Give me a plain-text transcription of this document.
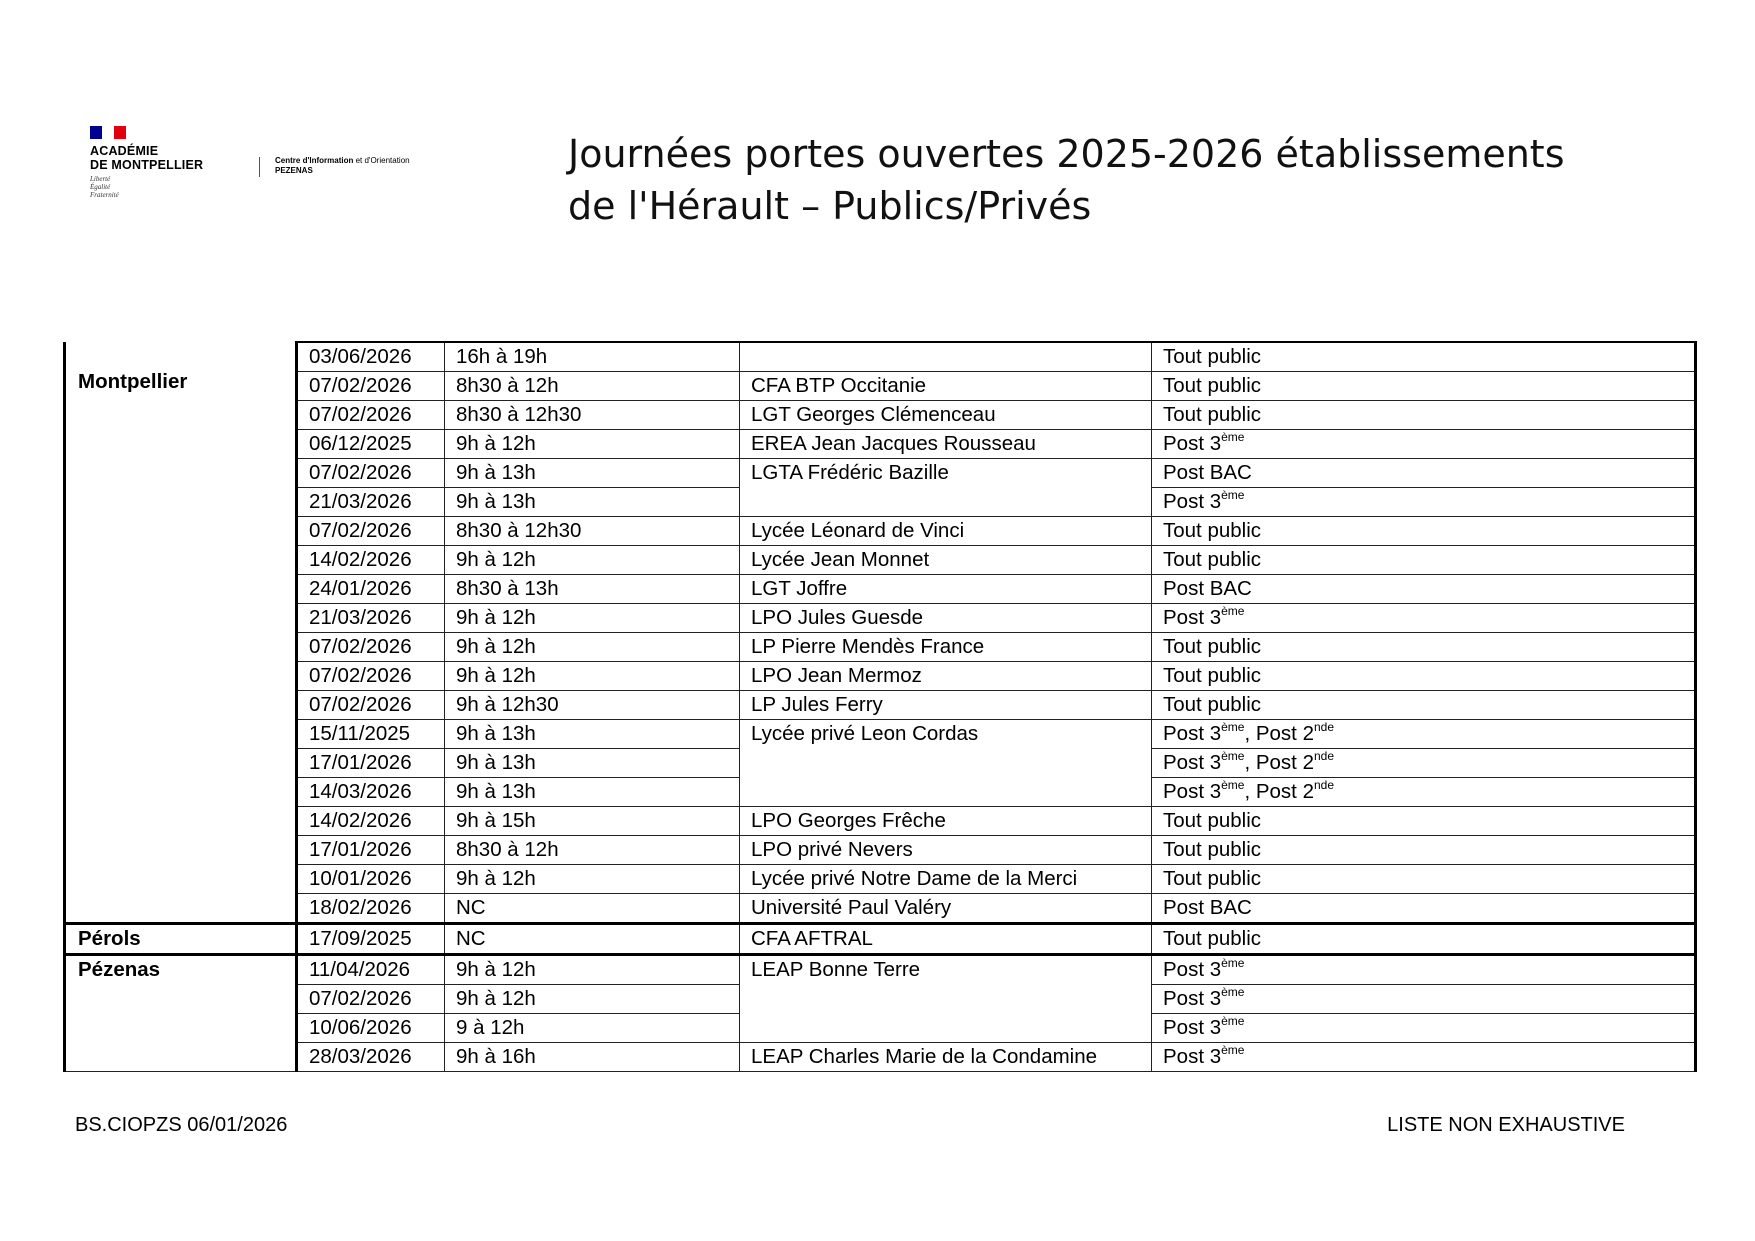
ACADÉMIE
DE MONTPELLIER
Liberté
Égalité
Fraternité
Centre d'Information et d'Orientation
PEZENAS	Journées portes ouvertes 2025-2026 établissements de l'Hérault – Publics/Privés
Montpellier	03/06/2026	16h à 19h		Tout public
	07/02/2026	8h30 à 12h	CFA BTP Occitanie	Tout public
	07/02/2026	8h30 à 12h30	LGT Georges Clémenceau	Tout public
	06/12/2025	9h à 12h	EREA Jean Jacques Rousseau	Post 3ème
	07/02/2026	9h à 13h	LGTA Frédéric Bazille	Post BAC
	21/03/2026	9h à 13h		Post 3ème
	07/02/2026	8h30 à 12h30	Lycée Léonard de Vinci	Tout public
	14/02/2026	9h à 12h	Lycée Jean Monnet	Tout public
	24/01/2026	8h30 à 13h	LGT Joffre	Post BAC
	21/03/2026	9h à 12h	LPO Jules Guesde	Post 3ème
	07/02/2026	9h à 12h	LP Pierre Mendès France	Tout public
	07/02/2026	9h à 12h	LPO Jean Mermoz	Tout public
	07/02/2026	9h à 12h30	LP Jules Ferry	Tout public
	15/11/2025	9h à 13h	Lycée privé Leon Cordas	Post 3ème, Post 2nde
	17/01/2026	9h à 13h		Post 3ème, Post 2nde
	14/03/2026	9h à 13h		Post 3ème, Post 2nde
	14/02/2026	9h à 15h	LPO Georges Frêche	Tout public
	17/01/2026	8h30 à 12h	LPO privé Nevers	Tout public
	10/01/2026	9h à 12h	Lycée privé Notre Dame de la Merci	Tout public
	18/02/2026	NC	Université Paul Valéry	Post BAC
Pérols	17/09/2025	NC	CFA AFTRAL	Tout public
Pézenas	11/04/2026	9h à 12h	LEAP Bonne Terre	Post 3ème
	07/02/2026	9h à 12h		Post 3ème
	10/06/2026	9 à 12h		Post 3ème
	28/03/2026	9h à 16h	LEAP Charles Marie de la Condamine	Post 3ème
BS.CIOPZS 06/01/2026	LISTE NON EXHAUSTIVE
